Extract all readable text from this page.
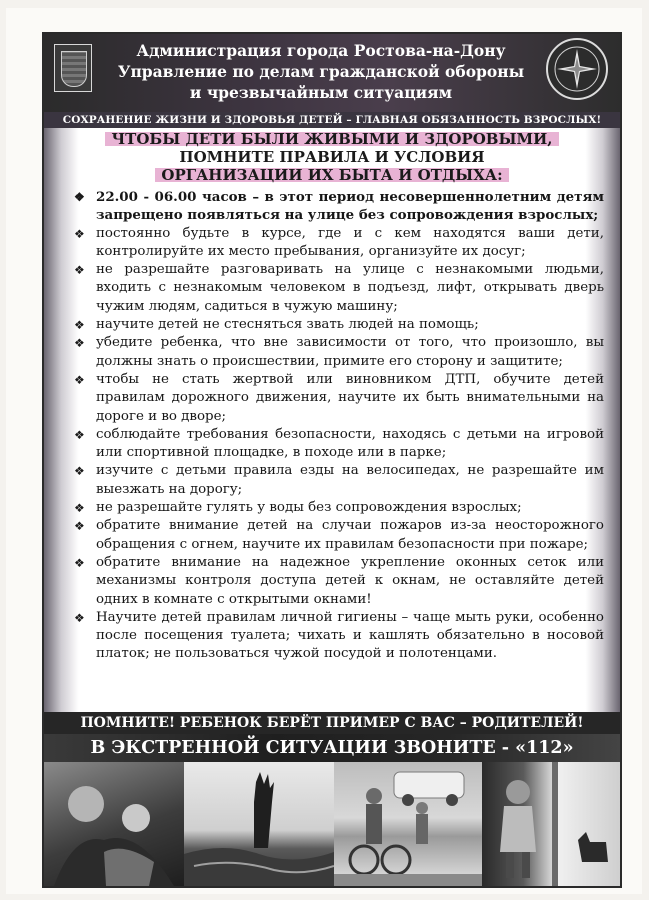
Администрация города Ростова-на-Дону
Управление по делам гражданской обороны
и чрезвычайным ситуациям
СОХРАНЕНИЕ ЖИЗНИ И ЗДОРОВЬЯ ДЕТЕЙ – ГЛАВНАЯ ОБЯЗАННОСТЬ ВЗРОСЛЫХ!
ЧТОБЫ ДЕТИ БЫЛИ ЖИВЫМИ И ЗДОРОВЫМИ,
ПОМНИТЕ ПРАВИЛА И УСЛОВИЯ
ОРГАНИЗАЦИИ ИХ БЫТА И ОТДЫХА:
❖ 22.00 - 06.00 часов – в этот период несовершеннолетним детям запрещено появляться на улице без сопровождения взрослых;
❖ постоянно будьте в курсе, где и с кем находятся ваши дети, контролируйте их место пребывания, организуйте их досуг;
❖ не разрешайте разговаривать на улице с незнакомыми людьми, входить с незнакомым человеком в подъезд, лифт, открывать дверь чужим людям, садиться в чужую машину;
❖ научите детей не стесняться звать людей на помощь;
❖ убедите ребенка, что вне зависимости от того, что произошло, вы должны знать о происшествии, примите его сторону и защитите;
❖ чтобы не стать жертвой или виновником ДТП, обучите детей правилам дорожного движения, научите их быть внимательными на дороге и во дворе;
❖ соблюдайте требования безопасности, находясь с детьми на игровой или спортивной площадке, в походе или в парке;
❖ изучите с детьми правила езды на велосипедах, не разрешайте им выезжать на дорогу;
❖ не разрешайте гулять у воды без сопровождения взрослых;
❖ обратите внимание детей на случаи пожаров из-за неосторожного обращения с огнем, научите их правилам безопасности при пожаре;
❖ обратите внимание на надежное укрепление оконных сеток или механизмы контроля доступа детей к окнам, не оставляйте детей одних в комнате с открытыми окнами!
❖ Научите детей правилам личной гигиены – чаще мыть руки, особенно после посещения туалета; чихать и кашлять обязательно в носовой платок; не пользоваться чужой посудой и полотенцами.
ПОМНИТЕ! РЕБЕНОК БЕРЁТ ПРИМЕР С ВАС – РОДИТЕЛЕЙ!
В ЭКСТРЕННОЙ СИТУАЦИИ ЗВОНИТЕ - «112»
